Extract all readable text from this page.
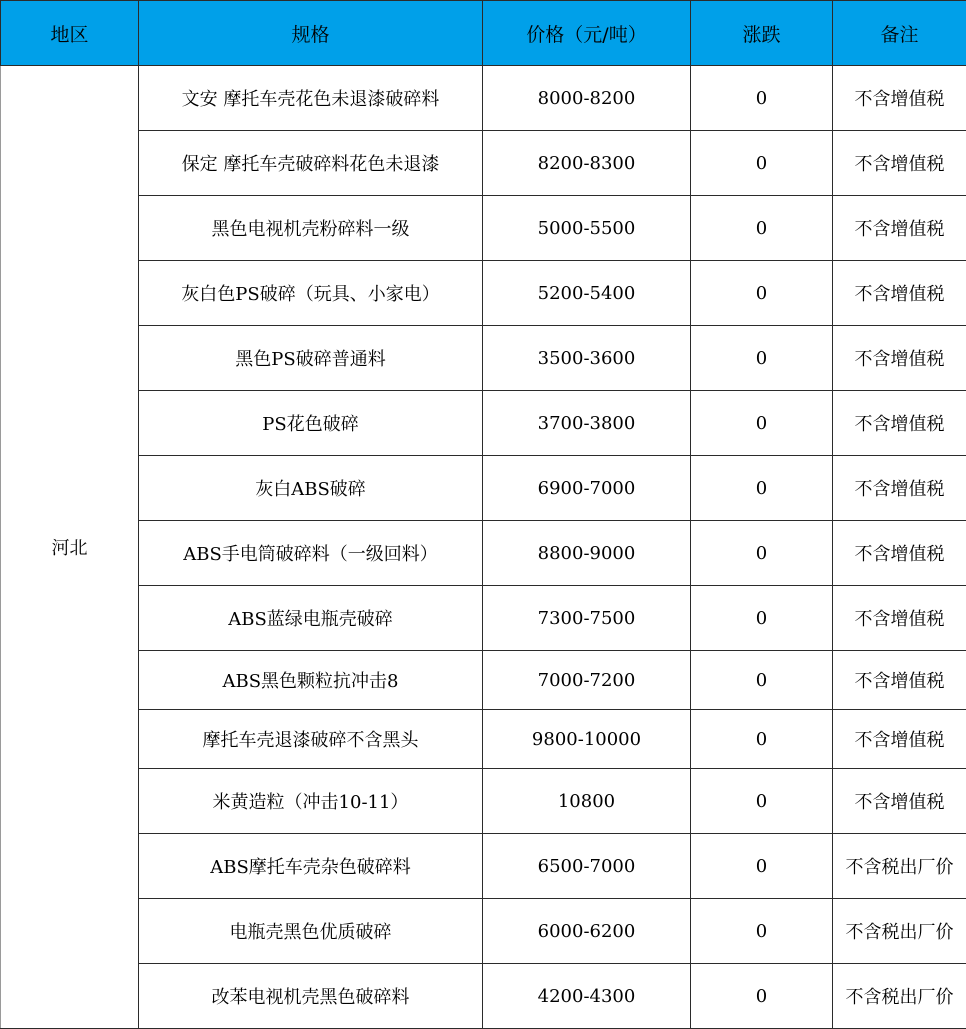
地区	规格	价格（元/吨）	涨跌	备注
河北	文安 摩托车壳花色未退漆破碎料	8000-8200	0	不含增值税
	保定 摩托车壳破碎料花色未退漆	8200-8300	0	不含增值税
	黑色电视机壳粉碎料一级	5000-5500	0	不含增值税
	灰白色PS破碎（玩具、小家电）	5200-5400	0	不含增值税
	黑色PS破碎普通料	3500-3600	0	不含增值税
	PS花色破碎	3700-3800	0	不含增值税
	灰白ABS破碎	6900-7000	0	不含增值税
	ABS手电筒破碎料（一级回料）	8800-9000	0	不含增值税
	ABS蓝绿电瓶壳破碎	7300-7500	0	不含增值税
	ABS黑色颗粒抗冲击8	7000-7200	0	不含增值税
	摩托车壳退漆破碎不含黑头	9800-10000	0	不含增值税
	米黄造粒（冲击10-11）	10800	0	不含增值税
	ABS摩托车壳杂色破碎料	6500-7000	0	不含税出厂价
	电瓶壳黑色优质破碎	6000-6200	0	不含税出厂价
	改苯电视机壳黑色破碎料	4200-4300	0	不含税出厂价
